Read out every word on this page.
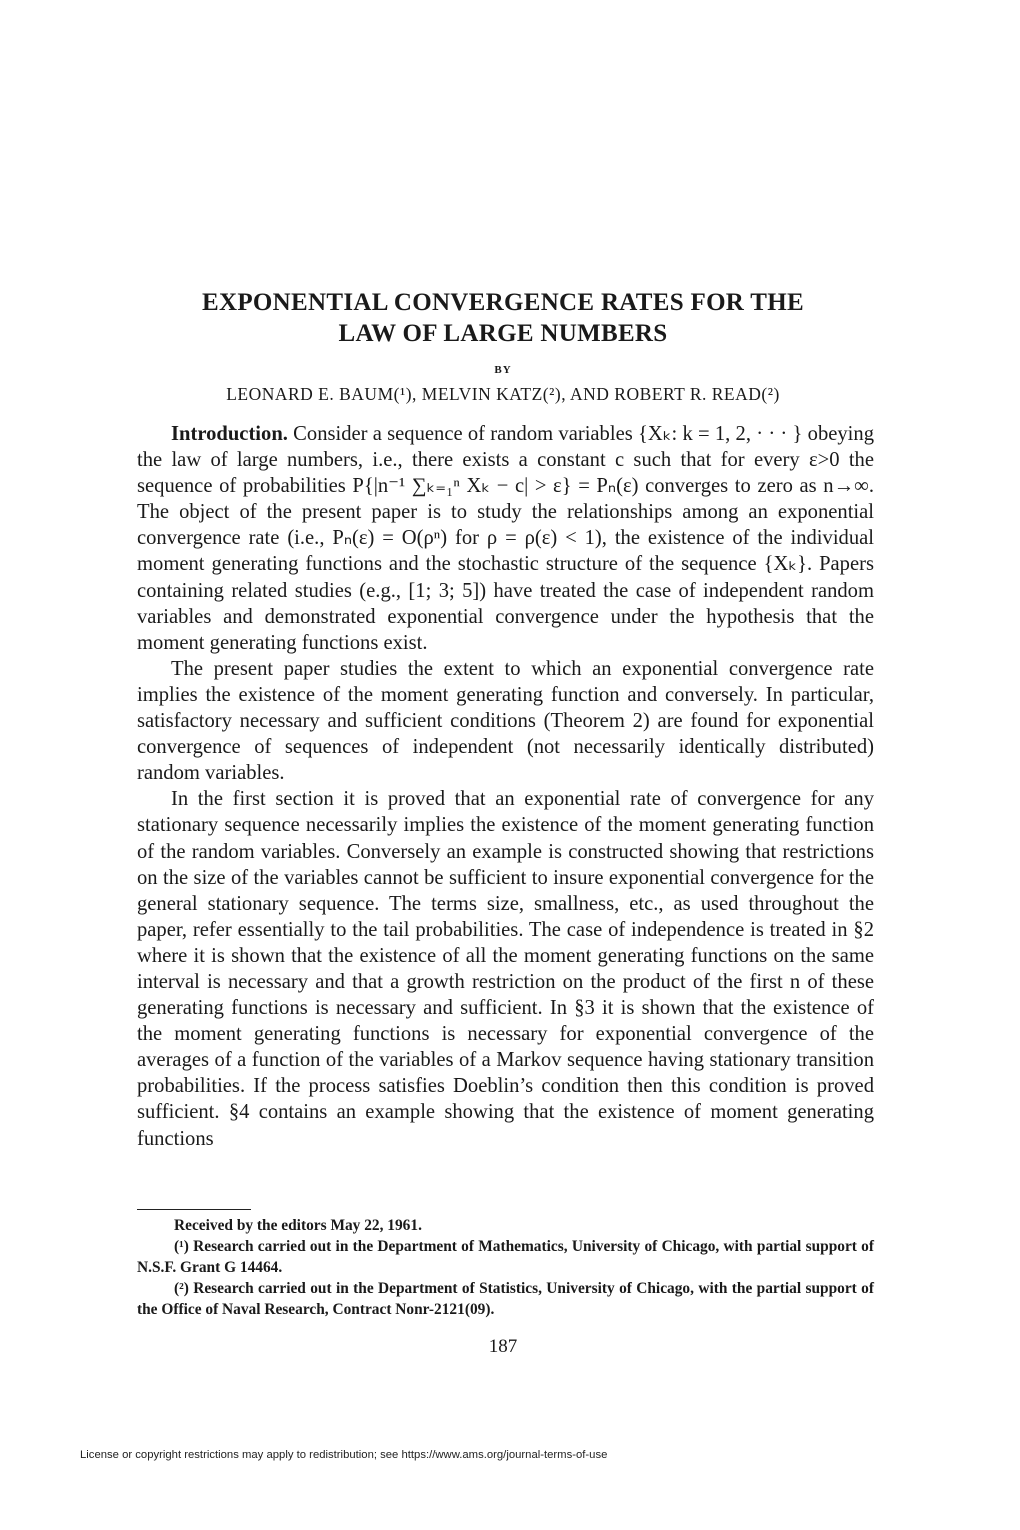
EXPONENTIAL CONVERGENCE RATES FOR THE
LAW OF LARGE NUMBERS
BY
LEONARD E. BAUM(¹), MELVIN KATZ(²), AND ROBERT R. READ(²)

Introduction. Consider a sequence of random variables {Xₖ: k = 1, 2, · · · } obeying the law of large numbers, i.e., there exists a constant c such that for every ε>0 the sequence of probabilities P{|n⁻¹ ∑ₖ₌₁ⁿ Xₖ − c| > ε} = Pₙ(ε) converges to zero as n→∞. The object of the present paper is to study the relationships among an exponential convergence rate (i.e., Pₙ(ε) = O(ρⁿ) for ρ = ρ(ε) < 1), the existence of the individual moment generating functions and the stochastic structure of the sequence {Xₖ}. Papers containing related studies (e.g., [1; 3; 5]) have treated the case of independent random variables and demonstrated exponential convergence under the hypothesis that the moment generating functions exist.

The present paper studies the extent to which an exponential convergence rate implies the existence of the moment generating function and conversely. In particular, satisfactory necessary and sufficient conditions (Theorem 2) are found for exponential convergence of sequences of independent (not necessarily identically distributed) random variables.

In the first section it is proved that an exponential rate of convergence for any stationary sequence necessarily implies the existence of the moment generating function of the random variables. Conversely an example is constructed showing that restrictions on the size of the variables cannot be sufficient to insure exponential convergence for the general stationary sequence. The terms size, smallness, etc., as used throughout the paper, refer essentially to the tail probabilities. The case of independence is treated in §2 where it is shown that the existence of all the moment generating functions on the same interval is necessary and that a growth restriction on the product of the first n of these generating functions is necessary and sufficient. In §3 it is shown that the existence of the moment generating functions is necessary for exponential convergence of the averages of a function of the variables of a Markov sequence having stationary transition probabilities. If the process satisfies Doeblin’s condition then this condition is proved sufficient. §4 contains an example showing that the existence of moment generating functions

Received by the editors May 22, 1961.

(¹) Research carried out in the Department of Mathematics, University of Chicago, with partial support of N.S.F. Grant G 14464.

(²) Research carried out in the Department of Statistics, University of Chicago, with the partial support of the Office of Naval Research, Contract Nonr-2121(09).

187
License or copyright restrictions may apply to redistribution; see https://www.ams.org/journal-terms-of-use
